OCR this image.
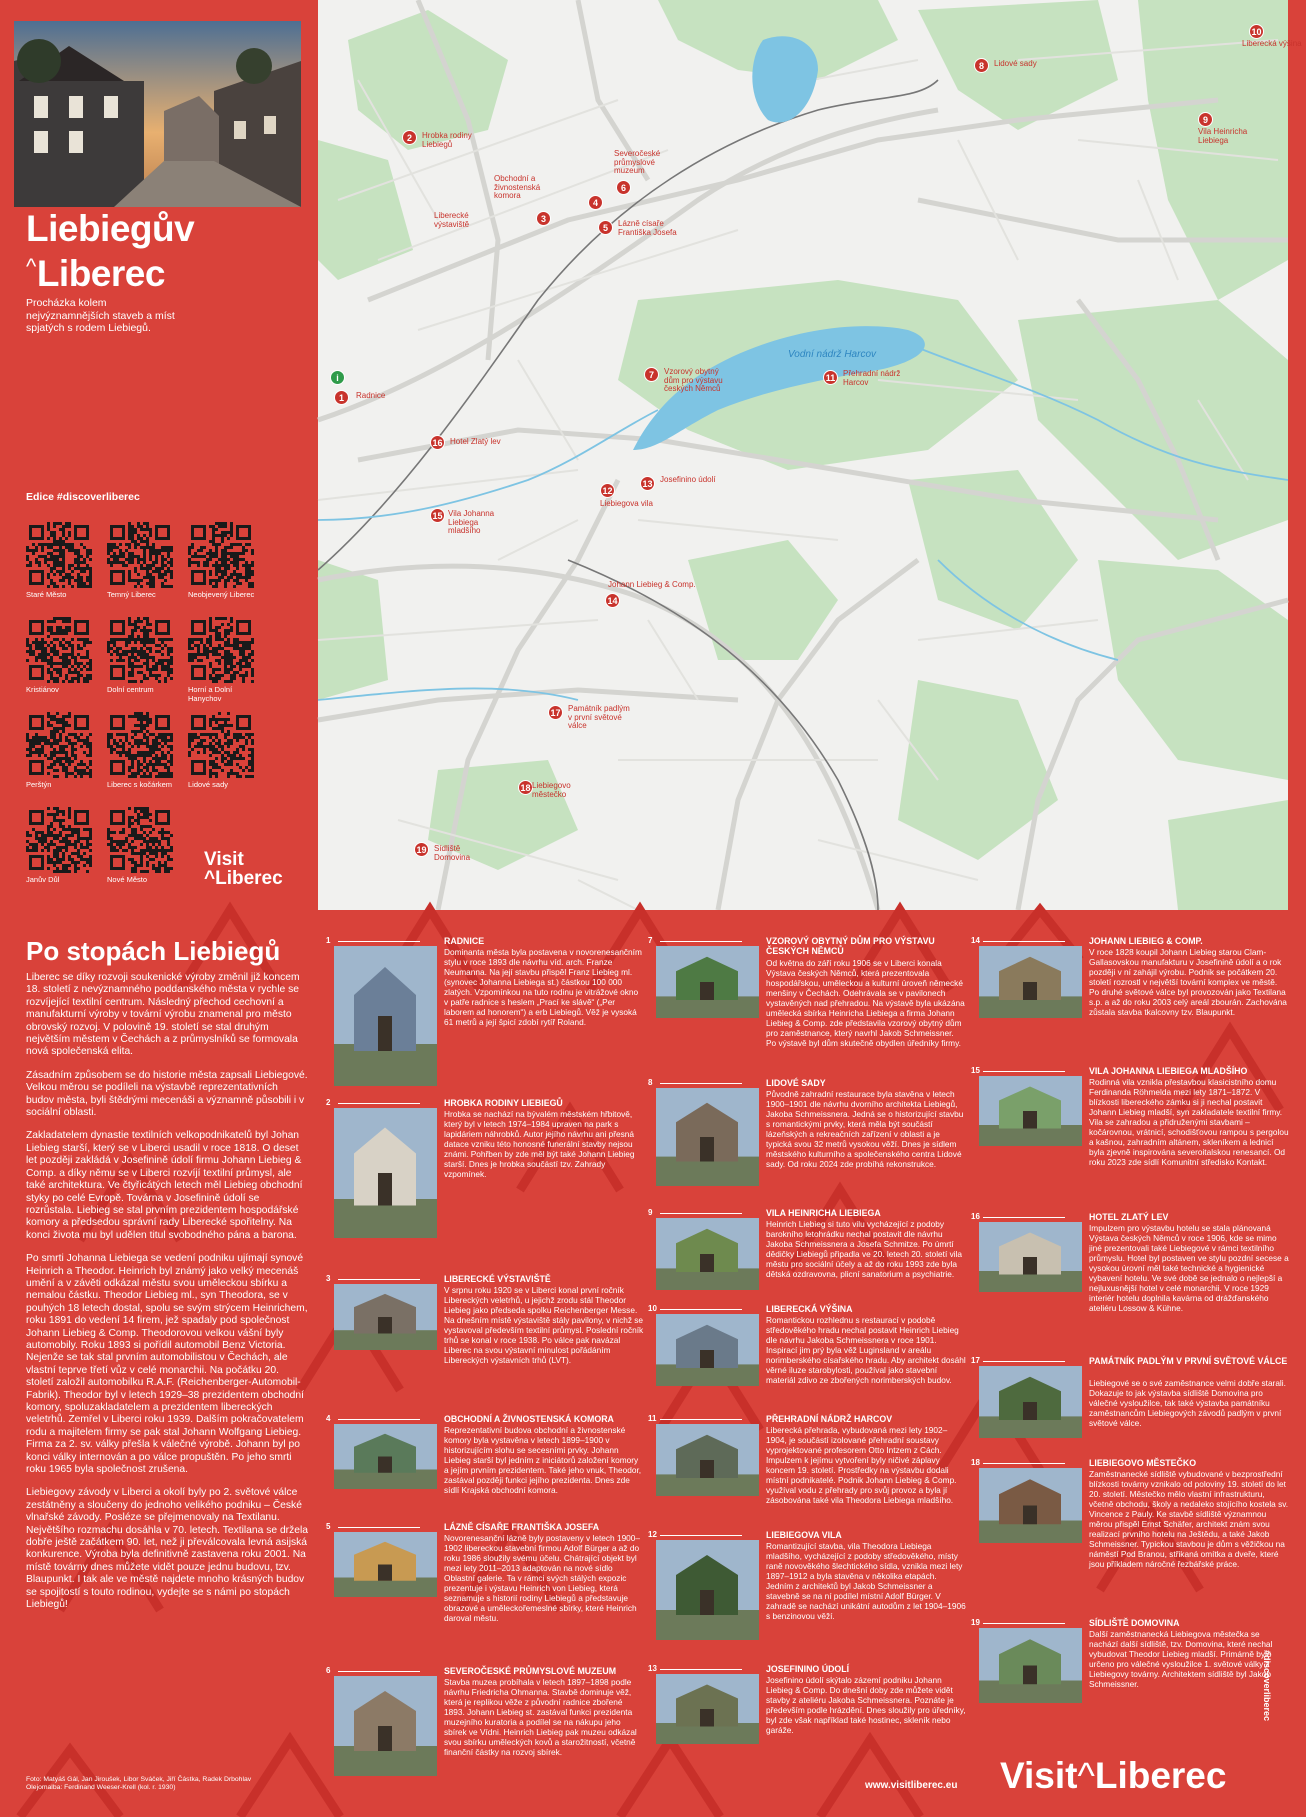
Liebiegův
^Liberec
Procházka kolem nejvýznamnějších staveb a míst spjatých s rodem Liebiegů.
Edice #discoverliberec
Staré Město	Temný Liberec	Neobjevený Liberec
Kristiánov	Dolní centrum	Horní a Dolní Hanychov
Perštýn	Liberec s kočárkem	Lidové sady
Janův Důl	Nové Město
Visit
^Liberec
1	Radnice
2	Hrobka rodiny Liebiegů
3
Liberecké výstaviště
4
Obchodní a živnostenská komora
5	Lázně císaře Františka Josefa
6
Severočeské průmyslové muzeum
7	Vzorový obytný dům pro výstavu českých Němců
8	Lidové sady
9
Vila Heinricha Liebiega
10
Liberecká výšina
11 Přehradní nádrž Harcov
12
Liebiegova vila
13 Josefinino údolí
14
Johann Liebieg & Comp.
15 Vila Johanna Liebiega mladšího
16 Hotel Zlatý lev
17 Památník padlým v první světové válce
18 Liebiegovo městečko
19 Sídliště Domovina
Vodní nádrž Harcov
i
Po stopách Liebiegů

Liberec se díky rozvoji soukenické výroby změnil již koncem 18. století z nevýznamného poddanského města v rychle se rozvíjející textilní centrum. Následný přechod cechovní a manufakturní výroby v tovární výrobu znamenal pro město obrovský rozvoj. V polovině 19. století se stal druhým největším městem v Čechách a z průmyslníků se formovala nová společenská elita.

Zásadním způsobem se do historie města zapsali Liebiegové. Velkou měrou se podíleli na výstavbě reprezentativních budov města, byli štědrými mecenáši a významně působili i v sociální oblasti.

Zakladatelem dynastie textilních velkopodnikatelů byl Johan Liebieg starší, který se v Liberci usadil v roce 1818. O deset let později zakládá v Josefinině údolí firmu Johann Liebieg & Comp. a díky němu se v Liberci rozvíjí textilní průmysl, ale také architektura. Ve čtyřicátých letech měl Liebieg obchodní styky po celé Evropě. Továrna v Josefinině údolí se rozrůstala. Liebieg se stal prvním prezidentem hospodářské komory a předsedou správní rady Liberecké spořitelny. Na konci života mu byl udělen titul svobodného pána a barona.

Po smrti Johanna Liebiega se vedení podniku ujímají synové Heinrich a Theodor. Heinrich byl známý jako velký mecenáš umění a v závěti odkázal městu svou uměleckou sbírku a nemalou částku. Theodor Liebieg ml., syn Theodora, se v pouhých 18 letech dostal, spolu se svým strýcem Heinrichem, roku 1891 do vedení 14 firem, jež spadaly pod společnost Johann Liebieg & Comp. Theodorovou velkou vášní byly automobily. Roku 1893 si pořídil automobil Benz Victoria. Nejenže se tak stal prvním automobilistou v Čechách, ale vlastní teprve třetí vůz v celé monarchii. Na počátku 20. století založil automobilku R.A.F. (Reichenberger-Automobil-Fabrik). Theodor byl v letech 1929–38 prezidentem obchodní komory, spoluzakladatelem a prezidentem libereckých veletrhů. Zemřel v Liberci roku 1939. Dalším pokračovatelem rodu a majitelem firmy se pak stal Johann Wolfgang Liebieg. Firma za 2. sv. války přešla k válečné výrobě. Johann byl po konci války internován a po válce propuštěn. Po jeho smrti roku 1965 byla společnost zrušena.

Liebiegovy závody v Liberci a okolí byly po 2. světové válce zestátněny a sloučeny do jednoho velikého podniku – České vlnařské závody. Posléze se přejmenovaly na Textilanu. Největšího rozmachu dosáhla v 70. letech. Textilana se držela dobře ještě začátkem 90. let, než ji převálcovala levná asijská konkurence. Výroba byla definitivně zastavena roku 2001. Na místě továrny dnes můžete vidět pouze jednu budovu, tzv. Blaupunkt. I tak ale ve městě najdete mnoho krásných budov se spojitostí s touto rodinou, vydejte se s námi po stopách Liebiegů!

Foto: Matyáš Gál, Jan Jiroušek, Libor Sváček, Jiří Částka, Radek Drbohlav
Olejomalba: Ferdinand Weeser-Krell (kol. r. 1930)
1	RADNICE
Dominanta města byla postavena v novorenesančním stylu v roce 1893 dle návrhu víd. arch. Franze Neumanna. Na její stavbu přispěl Franz Liebieg ml. (synovec Johanna Liebiega st.) částkou 100 000 zlatých. Vzpomínkou na tuto rodinu je vitrážové okno v patře radnice s heslem „Prací ke slávě“ („Per laborem ad honorem“) a erb Liebiegů. Věž je vysoká 61 metrů a její špicí zdobí rytíř Roland.
2	HROBKA RODINY LIEBIEGŮ
Hrobka se nachází na bývalém městském hřbitově, který byl v letech 1974–1984 upraven na park s lapidáriem náhrobků. Autor jejího návrhu ani přesná datace vzniku této honosné funerální stavby nejsou známi. Pohřben by zde měl být také Johann Liebieg starší. Dnes je hrobka součástí tzv. Zahrady vzpomínek.
3	LIBERECKÉ VÝSTAVIŠTĚ
V srpnu roku 1920 se v Liberci konal první ročník Libereckých veletrhů, u jejichž zrodu stál Theodor Liebieg jako předseda spolku Reichenberger Messe. Na dnešním místě výstaviště stály pavilony, v nichž se vystavoval především textilní průmysl. Poslední ročník trhů se konal v roce 1938. Po válce pak navázal Liberec na svou výstavní minulost pořádáním Libereckých výstavních trhů (LVT).
4	OBCHODNÍ A ŽIVNOSTENSKÁ KOMORA
Reprezentativní budova obchodní a živnostenské komory byla vystavěna v letech 1899–1900 v historizujícím slohu se secesními prvky. Johann Liebieg starší byl jedním z iniciátorů založení komory a jejím prvním prezidentem. Také jeho vnuk, Theodor, zastával později funkci jejího prezidenta. Dnes zde sídlí Krajská obchodní komora.
5	LÁZNĚ CÍSAŘE FRANTIŠKA JOSEFA
Novorenesanční lázně byly postaveny v letech 1900–1902 libereckou stavební firmou Adolf Bürger a až do roku 1986 sloužily svému účelu. Chátrající objekt byl mezi lety 2011–2013 adaptován na nové sídlo Oblastní galerie. Ta v rámci svých stálých expozic prezentuje i výstavu Heinrich von Liebieg, která seznamuje s historií rodiny Liebiegů a představuje obrazové a uměleckořemeslné sbírky, které Heinrich daroval městu.
6	SEVEROČESKÉ PRŮMYSLOVÉ MUZEUM
Stavba muzea probíhala v letech 1897–1898 podle návrhu Friedricha Ohmanna. Stavbě dominuje věž, která je replikou věže z původní radnice zbořené 1893. Johann Liebieg st. zastával funkci prezidenta muzejního kuratoria a podílel se na nákupu jeho sbírek ve Vídni. Heinrich Liebieg pak muzeu odkázal svou sbírku uměleckých kovů a starožitností, včetně finanční částky na rozvoj sbírek.
7	VZOROVÝ OBYTNÝ DŮM PRO VÝSTAVU ČESKÝCH NĚMCŮ
Od května do září roku 1906 se v Liberci konala Výstava českých Němců, která prezentovala hospodářskou, uměleckou a kulturní úroveň německé menšiny v Čechách. Odehrávala se v pavilonech vystavěných nad přehradou. Na výstavě byla ukázána umělecká sbírka Heinricha Liebiega a firma Johann Liebieg & Comp. zde představila vzorový obytný dům pro zaměstnance, který navrhl Jakob Schmeissner. Po výstavě byl dům skutečně obydlen úředníky firmy.
8	LIDOVÉ SADY
Původně zahradní restaurace byla stavěna v letech 1900–1901 dle návrhu dvorního architekta Liebiegů, Jakoba Schmeissnera. Jedná se o historizující stavbu s romantickými prvky, která měla být součástí lázeňských a rekreačních zařízení v oblasti a je typická svou 32 metrů vysokou věží. Dnes je sídlem městského kulturního a společenského centra Lidové sady. Od roku 2024 zde probíhá rekonstrukce.
9	VILA HEINRICHA LIEBIEGA
Heinrich Liebieg si tuto vilu vycházející z podoby barokního letohrádku nechal postavit dle návrhu Jakoba Schmeissnera a Josefa Schmitze. Po úmrtí dědičky Liebiegů připadla ve 20. letech 20. století vila městu pro sociální účely a až do roku 1993 zde byla dětská ozdravovna, plicní sanatorium a psychiatrie.
10	LIBERECKÁ VÝŠINA
Romantickou rozhlednu s restaurací v podobě středověkého hradu nechal postavit Heinrich Liebieg dle návrhu Jakoba Schmeissnera v roce 1901. Inspirací jim prý byla věž Luginsland v areálu norimberského císařského hradu. Aby architekt dosáhl věrné iluze starobylosti, používal jako stavební materiál zdivo ze zbořených norimberských budov.
11	PŘEHRADNÍ NÁDRŽ HARCOV
Liberecká přehrada, vybudovaná mezi lety 1902–1904, je součástí izolované přehradní soustavy vyprojektované profesorem Otto Intzem z Cách. Impulzem k jejímu vytvoření byly ničivé záplavy koncem 19. století. Prostředky na výstavbu dodali místní podnikatelé. Podnik Johann Liebieg & Comp. využíval vodu z přehrady pro svůj provoz a byla jí zásobována také vila Theodora Liebiega mladšího.
12	LIEBIEGOVA VILA
Romantizující stavba, vila Theodora Liebiega mladšího, vycházející z podoby středověkého, místy raně novověkého šlechtického sídla, vznikla mezi lety 1897–1912 a byla stavěna v několika etapách. Jedním z architektů byl Jakob Schmeissner a stavebně se na ní podílel místní Adolf Bürger. V zahradě se nachází unikátní autodům z let 1904–1906 s benzinovou věží.
13	JOSEFININO ÚDOLÍ
Josefinino údolí skýtalo zázemí podniku Johann Liebieg & Comp. Do dnešní doby zde můžete vidět stavby z ateliéru Jakoba Schmeissnera. Poznáte je především podle hrázdění. Dnes sloužily pro úředníky, byl zde však například také hostinec, skleník nebo garáže.
14	JOHANN LIEBIEG & COMP.
V roce 1828 koupil Johann Liebieg starou Clam-Gallasovskou manufakturu v Josefinině údolí a o rok později v ní zahájil výrobu. Podnik se počátkem 20. století rozrostl v největší tovární komplex ve městě. Po druhé světové válce byl provozován jako Textilana s.p. a až do roku 2003 celý areál zbourán. Zachována zůstala stavba tkalcovny tzv. Blaupunkt.
15	VILA JOHANNA LIEBIEGA MLADŠÍHO
Rodinná vila vznikla přestavbou klasicistního domu Ferdinanda Röhmelda mezi lety 1871–1872. V blízkosti libereckého zámku si ji nechal postavit Johann Liebieg mladší, syn zakladatele textilní firmy. Vila se zahradou a přidruženými stavbami – kočárovnou, vrátnicí, schodišťovou rampou s pergolou a kašnou, zahradním altánem, skleníkem a lednicí byla zjevně inspirována severoitalskou renesancí. Od roku 2023 zde sídlí Komunitní středisko Kontakt.
16	HOTEL ZLATÝ LEV
Impulzem pro výstavbu hotelu se stala plánovaná Výstava českých Němců v roce 1906, kde se mimo jiné prezentovali také Liebiegové v rámci textilního průmyslu. Hotel byl postaven ve stylu pozdní secese a vysokou úrovní měl také technické a hygienické vybavení hotelu. Ve své době se jednalo o nejlepší a nejluxusnější hotel v celé monarchii. V roce 1929 interiér hotelu doplnila kavárna od drážďanského ateliéru Lossow & Kühne.
17	PAMÁTNÍK PADLÝM V PRVNÍ SVĚTOVÉ VÁLCE
Liebiegové se o své zaměstnance velmi dobře starali. Dokazuje to jak výstavba sídliště Domovina pro válečné vysloužilce, tak také výstavba památníku zaměstnancům Liebiegových závodů padlým v první světové válce.
18	LIEBIEGOVO MĚSTEČKO
Zaměstnanecké sídliště vybudované v bezprostřední blízkosti továrny vznikalo od poloviny 19. století do let 20. století. Městečko mělo vlastní infrastrukturu, včetně obchodu, školy a nedaleko stojícího kostela sv. Vincence z Pauly. Ke stavbě sídliště významnou měrou přispěl Ernst Schäfer, architekt znám svou realizací prvního hotelu na Ještědu, a také Jakob Schmeissner. Typickou stavbou je dům s věžičkou na náměstí Pod Branou, střikaná omítka a dveře, které jsou příkladem náročné řezbářské práce.
19	SÍDLIŠTĚ DOMOVINA
Další zaměstnanecká Liebiegova městečka se nachází další sídliště, tzv. Domovina, které nechal vybudovat Theodor Liebieg mladší. Primárně bylo určeno pro válečné vysloužilce 1. světové války z Liebiegovy továrny. Architektem sídliště byl Jakob Schmeissner.
www.visitliberec.eu Visit^Liberec
#discoverliberec
